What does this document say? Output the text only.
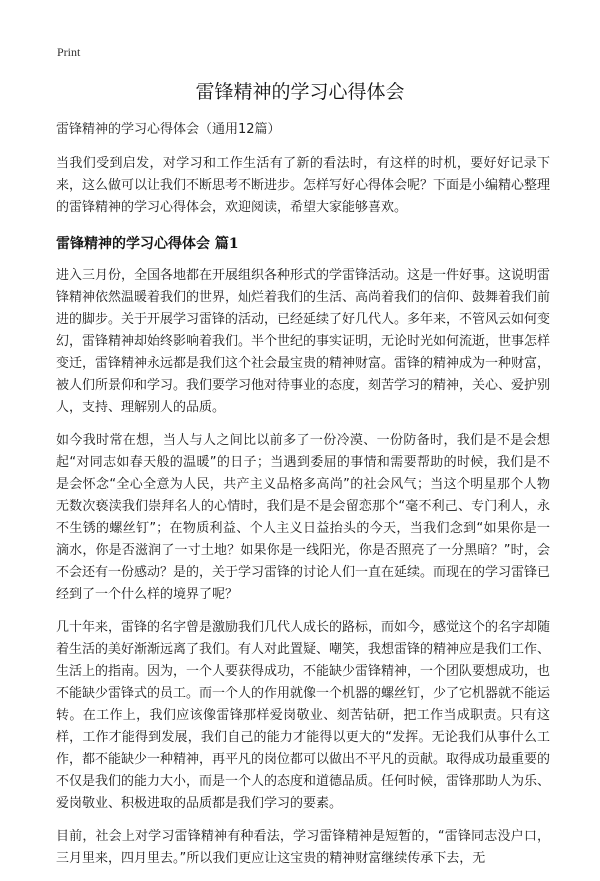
Print
雷锋精神的学习心得体会
雷锋精神的学习心得体会（通用12篇）

当我们受到启发，对学习和工作生活有了新的看法时，有这样的时机，要好好记录下来，这么做可以让我们不断思考不断进步。怎样写好心得体会呢？下面是小编精心整理的雷锋精神的学习心得体会，欢迎阅读，希望大家能够喜欢。

雷锋精神的学习心得体会 篇1

进入三月份，全国各地都在开展组织各种形式的学雷锋活动。这是一件好事。这说明雷锋精神依然温暖着我们的世界，灿烂着我们的生活、高尚着我们的信仰、鼓舞着我们前进的脚步。关于开展学习雷锋的活动，已经延续了好几代人。多年来，不管风云如何变幻，雷锋精神却始终影响着我们。半个世纪的事实证明，无论时光如何流逝，世事怎样变迁，雷锋精神永远都是我们这个社会最宝贵的精神财富。雷锋的精神成为一种财富，被人们所景仰和学习。我们要学习他对待事业的态度，刻苦学习的精神，关心、爱护别人，支持、理解别人的品质。

如今我时常在想，当人与人之间比以前多了一份冷漠、一份防备时，我们是不是会想起“对同志如春天般的温暖”的日子；当遇到委屈的事情和需要帮助的时候，我们是不是会怀念“全心全意为人民，共产主义品格多高尚”的社会风气；当这个明星那个人物无数次亵渎我们崇拜名人的心情时，我们是不是会留恋那个“毫不利己、专门利人，永不生锈的螺丝钉”；在物质利益、个人主义日益抬头的今天，当我们念到“如果你是一滴水，你是否滋润了一寸土地？如果你是一线阳光，你是否照亮了一分黑暗？”时，会不会还有一份感动？是的，关于学习雷锋的讨论人们一直在延续。而现在的学习雷锋已经到了一个什么样的境界了呢？

几十年来，雷锋的名字曾是激励我们几代人成长的路标，而如今，感觉这个的名字却随着生活的美好渐渐远离了我们。有人对此置疑、嘲笑，我想雷锋的精神应是我们工作、生活上的指南。因为，一个人要获得成功，不能缺少雷锋精神，一个团队要想成功，也不能缺少雷锋式的员工。而一个人的作用就像一个机器的螺丝钉，少了它机器就不能运转。在工作上，我们应该像雷锋那样爱岗敬业、刻苦钻研，把工作当成职责。只有这样，工作才能得到发展，我们自己的能力才能得以更大的“发挥。无论我们从事什么工作，都不能缺少一种精神，再平凡的岗位都可以做出不平凡的贡献。取得成功最重要的不仅是我们的能力大小，而是一个人的态度和道德品质。任何时候，雷锋那助人为乐、爱岗敬业、积极进取的品质都是我们学习的要素。

目前，社会上对学习雷锋精神有种看法，学习雷锋精神是短暂的，“雷锋同志没户口，三月里来，四月里去。”所以我们更应让这宝贵的精神财富继续传承下去，无
